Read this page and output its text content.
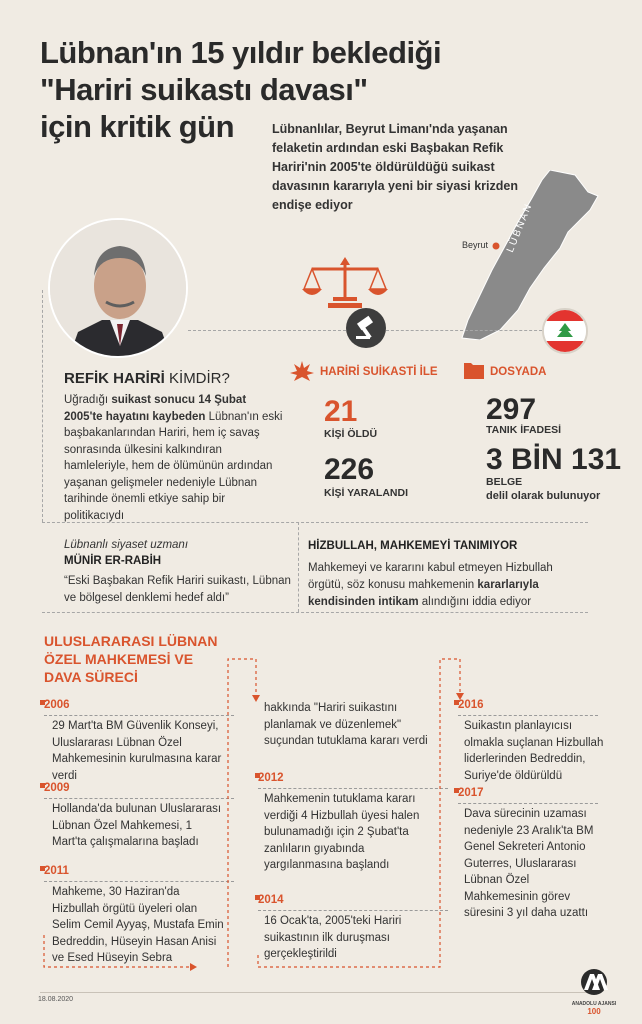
Lübnan'ın 15 yıldır beklediği
"Hariri suikastı davası"
için kritik gün	Lübnanlılar, Beyrut Limanı'nda yaşanan felaketin ardından eski Başbakan Refik Hariri'nin 2005'te öldürüldüğü suikast davasının kararıyla yeni bir siyasi krizden endişe ediyor
Beyrut LÜBNAN
REFİK HARİRİ KİMDİR?
Uğradığı suikast sonucu 14 Şubat 2005'te hayatını kaybeden Lübnan'ın eski başbakanlarından Hariri, hem iç savaş sonrasında ülkesini kalkındıran hamleleriyle, hem de ölümünün ardından yaşanan gelişmeler nedeniyle Lübnan tarihinde önemli etkiye sahip bir politikacıydı
HARİRİ SUİKASTİ İLE
21
KİŞİ ÖLDÜ
226
KİŞİ YARALANDI
DOSYADA
297
TANIK İFADESİ
3 BİN 131
BELGE
delil olarak bulunuyor
Lübnanlı siyaset uzmanı
MÜNİR ER-RABİH
“Eski Başbakan Refik Hariri suikastı, Lübnan ve bölgesel denklemi hedef aldı”
HİZBULLAH, MAHKEMEYİ TANIMIYOR
Mahkemeyi ve kararını kabul etmeyen Hizbullah örgütü, söz konusu mahkemenin kararlarıyla kendisinden intikam alındığını iddia ediyor
ULUSLARARASI LÜBNAN ÖZEL MAHKEMESİ VE DAVA SÜRECİ
2006
29 Mart'ta BM Güvenlik Konseyi, Uluslararası Lübnan Özel Mahkemesinin kurulmasına karar verdi
2009
Hollanda'da bulunan Uluslararası Lübnan Özel Mahkemesi, 1 Mart'ta çalışmalarına başladı
2011
Mahkeme, 30 Haziran'da Hizbullah örgütü üyeleri olan Selim Cemil Ayyaş, Mustafa Emin Bedreddin, Hüseyin Hasan Anisi ve Esed Hüseyin Sebra
hakkında "Hariri suikastını planlamak ve düzenlemek" suçundan tutuklama kararı verdi
2012
Mahkemenin tutuklama kararı verdiği 4 Hizbullah üyesi halen bulunamadığı için 2 Şubat'ta zanlıların gıyabında yargılanmasına başlandı
2014
16 Ocak'ta, 2005'teki Hariri suikastının ilk duruşması gerçekleştirildi
2016
Suikastın planlayıcısı olmakla suçlanan Hizbullah liderlerinden Bedreddin, Suriye'de öldürüldü
2017
Dava sürecinin uzaması nedeniyle 23 Aralık'ta BM Genel Sekreteri Antonio Guterres, Uluslararası Lübnan Özel Mahkemesinin görev süresini 3 yıl daha uzattı
18.08.2020
ANADOLU AJANSI
100
